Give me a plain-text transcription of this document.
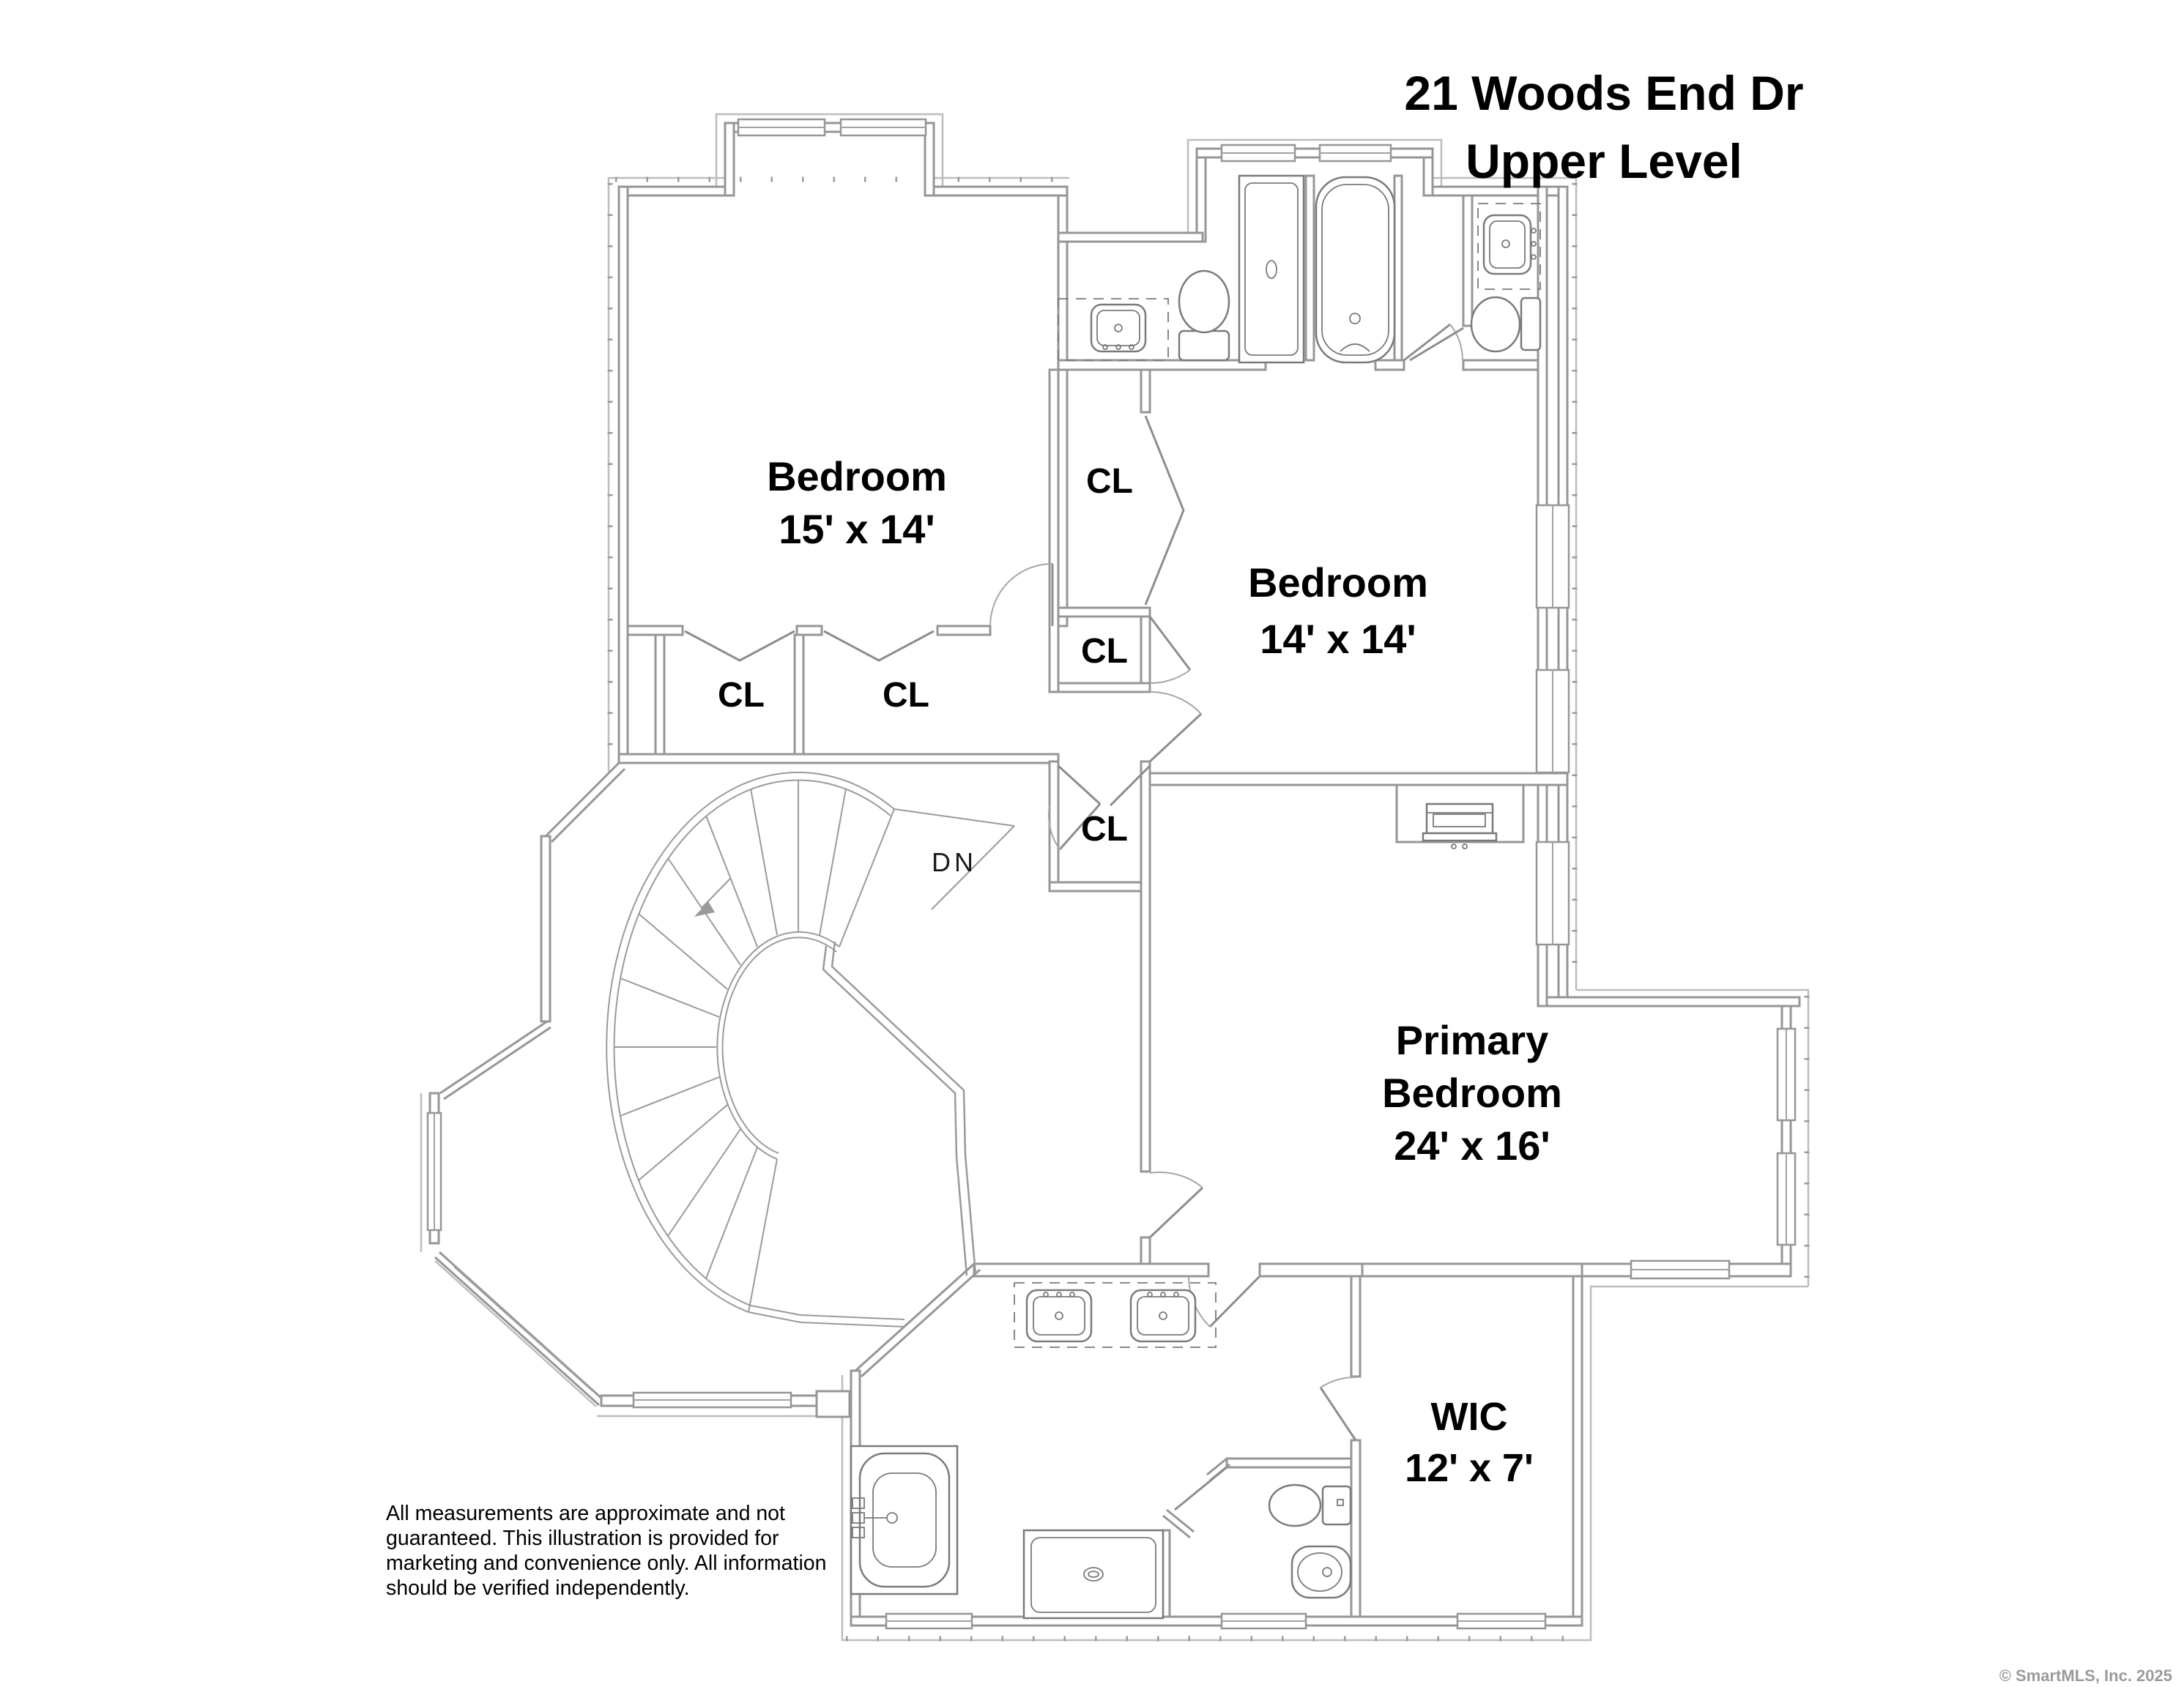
21 Woods End Dr
Upper Level
Bedroom
15' x 14'
Bedroom
14' x 14'
Primary
Bedroom
24' x 16'
WIC
12' x 7'
CL	CL
CL
CL
CL
DN
All measurements are approximate and not
guaranteed. This illustration is provided for
marketing and convenience only. All information
should be verified independently.
© SmartMLS, Inc. 2025
